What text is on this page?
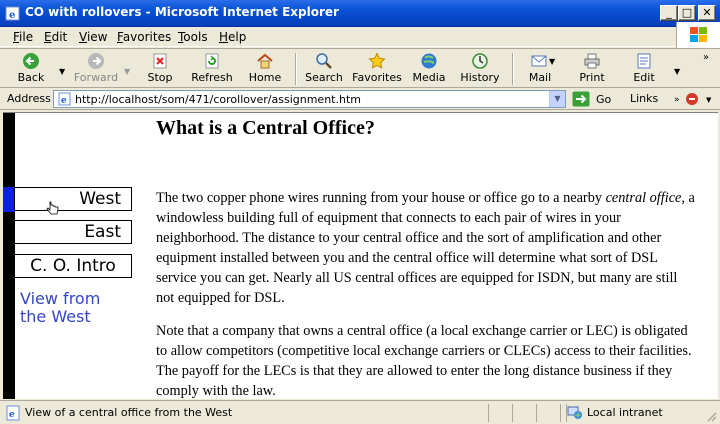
e CO with rollovers - Microsoft Internet Explorer	_ □ ✕
File Edit View Favorites Tools Help
Back	▼ Forward ▼	Stop	Refresh Home Search Favorites Media History	Mail
▼
Print	Edit	▼
»
Address e http://localhost/som/471/corollover/assignment.htm	▼	Go Links »	▼
West
East
C. O. Intro
View from
the West
What is a Central Office?

The two copper phone wires running from your house or office go to a nearby central office, a windowless building full of equipment that connects to each pair of wires in your neighborhood. The distance to your central office and the sort of amplification and other equipment installed between you and the central office will determine what sort of DSL service you can get. Nearly all US central offices are equipped for ISDN, but many are still not equipped for DSL.

Note that a company that owns a central office (a local exchange carrier or LEC) is obligated to allow competitors (competitive local exchange carriers or CLECs) access to their facilities. The payoff for the LECs is that they are allowed to enter the long distance business if they comply with the law.

e View of a central office from the West	Local intranet
